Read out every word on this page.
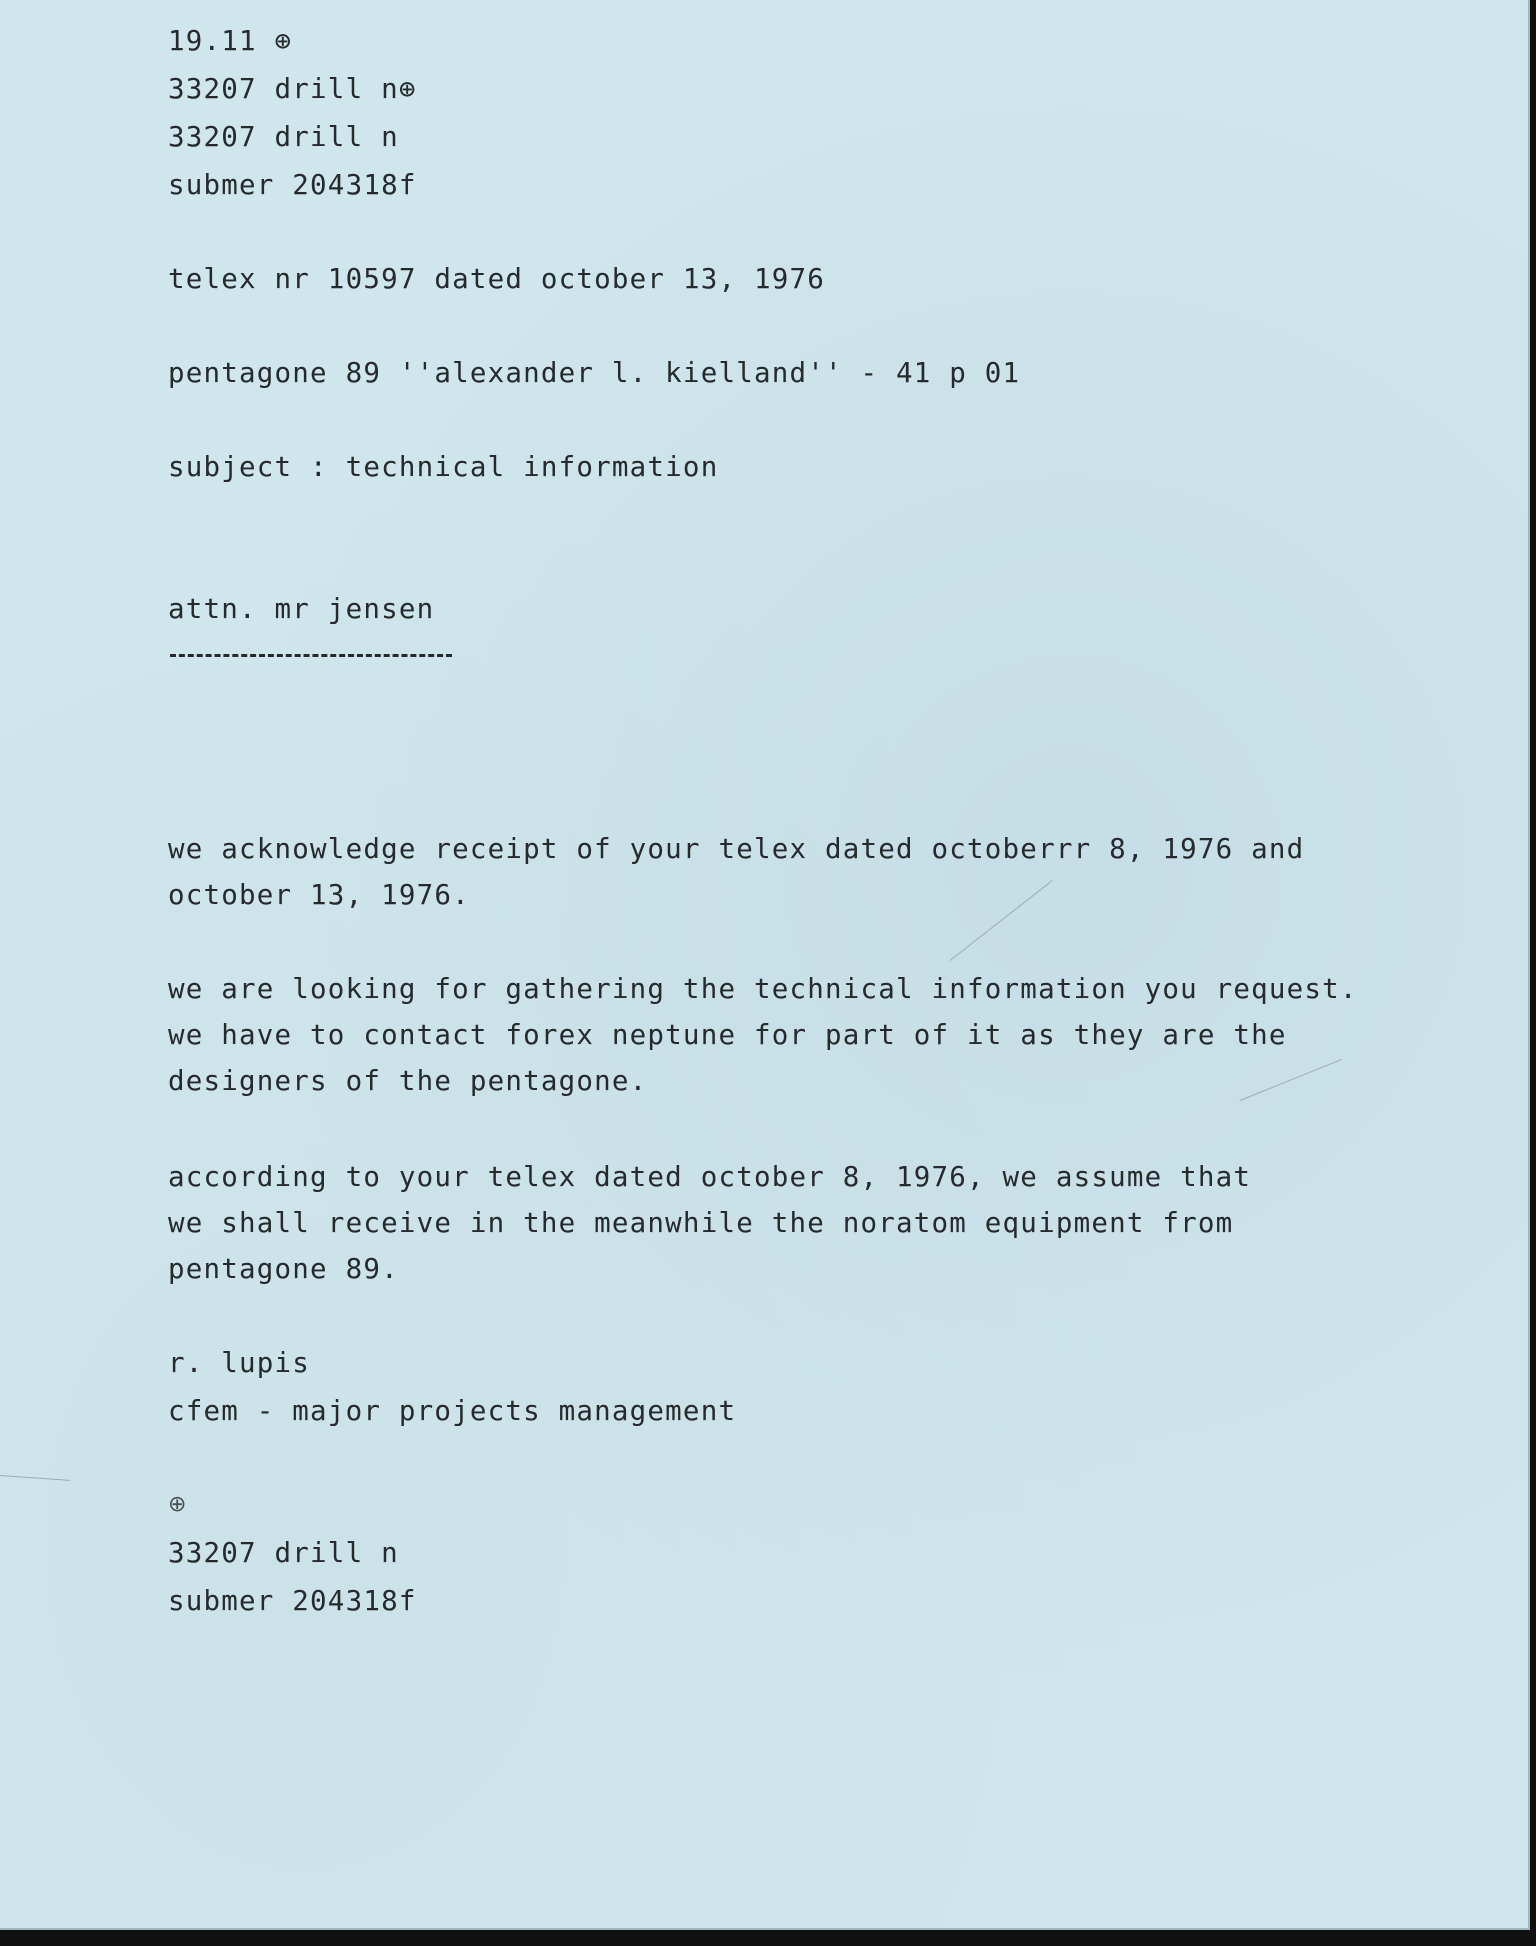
19.11 ⊕

33207 drill n⊕

33207 drill n

submer 204318f

telex nr 10597 dated october 13, 1976

pentagone 89 ''alexander l. kielland'' - 41 p 01

subject : technical information

attn. mr jensen

we acknowledge receipt of your telex dated octoberrr 8, 1976 and

october 13, 1976.

we are looking for gathering the technical information you request.

we have to contact forex neptune for part of it as they are the

designers of the pentagone.

according to your telex dated october 8, 1976, we assume that

we shall receive in the meanwhile the noratom equipment from

pentagone 89.

r. lupis

cfem - major projects management

⊕

33207 drill n

submer 204318f
